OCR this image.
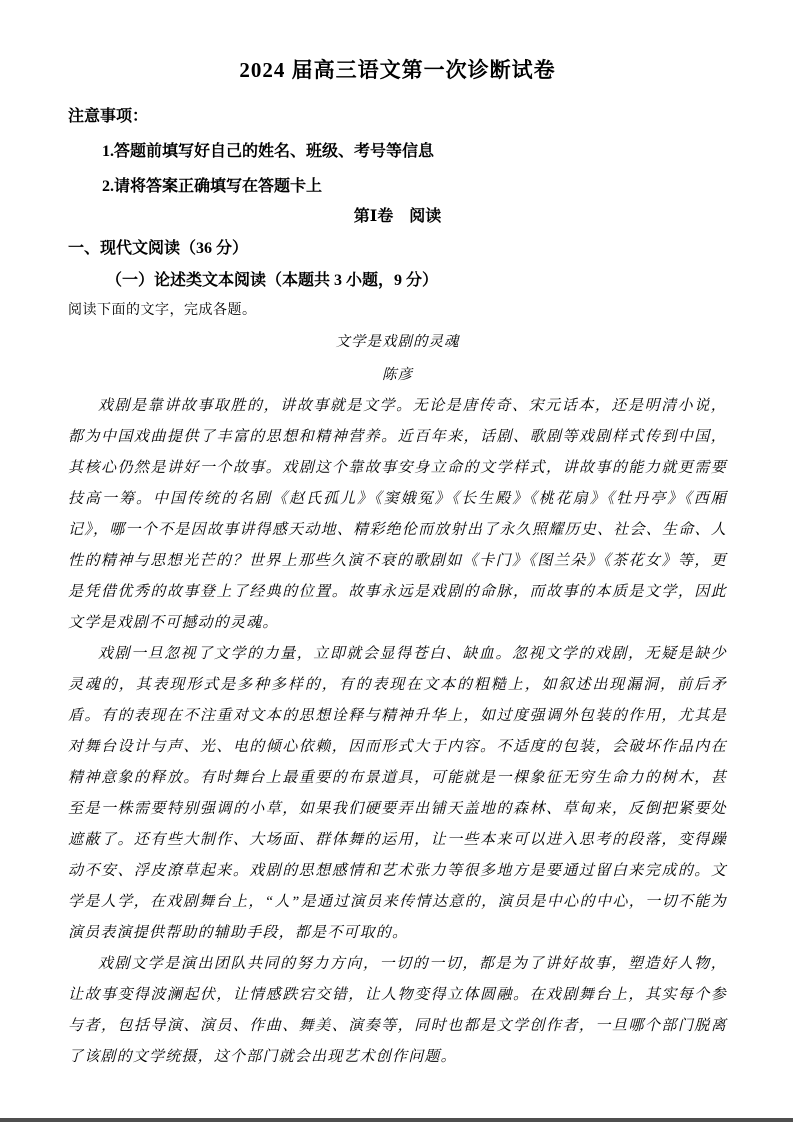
2024 届高三语文第一次诊断试卷
注意事项：
1.答题前填写好自己的姓名、班级、考号等信息
2.请将答案正确填写在答题卡上
第Ⅰ卷　阅读
一、现代文阅读（36 分）
（一）论述类文本阅读（本题共 3 小题，9 分）
阅读下面的文字，完成各题。
文学是戏剧的灵魂
陈彦

戏剧是靠讲故事取胜的，讲故事就是文学。无论是唐传奇、宋元话本，还是明清小说，都为中国戏曲提供了丰富的思想和精神营养。近百年来，话剧、歌剧等戏剧样式传到中国，其核心仍然是讲好一个故事。戏剧这个靠故事安身立命的文学样式，讲故事的能力就更需要技高一筹。中国传统的名剧《赵氏孤儿》《窦娥冤》《长生殿》《桃花扇》《牡丹亭》《西厢记》，哪一个不是因故事讲得感天动地、精彩绝伦而放射出了永久照耀历史、社会、生命、人性的精神与思想光芒的？世界上那些久演不衰的歌剧如《卡门》《图兰朵》《茶花女》等，更是凭借优秀的故事登上了经典的位置。故事永远是戏剧的命脉，而故事的本质是文学，因此文学是戏剧不可撼动的灵魂。

戏剧一旦忽视了文学的力量，立即就会显得苍白、缺血。忽视文学的戏剧，无疑是缺少灵魂的，其表现形式是多种多样的，有的表现在文本的粗糙上，如叙述出现漏洞，前后矛盾。有的表现在不注重对文本的思想诠释与精神升华上，如过度强调外包装的作用，尤其是对舞台设计与声、光、电的倾心依赖，因而形式大于内容。不适度的包装，会破坏作品内在精神意象的释放。有时舞台上最重要的布景道具，可能就是一棵象征无穷生命力的树木，甚至是一株需要特别强调的小草，如果我们硬要弄出铺天盖地的森林、草甸来，反倒把紧要处遮蔽了。还有些大制作、大场面、群体舞的运用，让一些本来可以进入思考的段落，变得躁动不安、浮皮潦草起来。戏剧的思想感情和艺术张力等很多地方是要通过留白来完成的。文学是人学，在戏剧舞台上，“人”是通过演员来传情达意的，演员是中心的中心，一切不能为演员表演提供帮助的辅助手段，都是不可取的。

戏剧文学是演出团队共同的努力方向，一切的一切，都是为了讲好故事，塑造好人物，让故事变得波澜起伏，让情感跌宕交错，让人物变得立体圆融。在戏剧舞台上，其实每个参与者，包括导演、演员、作曲、舞美、演奏等，同时也都是文学创作者，一旦哪个部门脱离了该剧的文学统摄，这个部门就会出现艺术创作问题。
